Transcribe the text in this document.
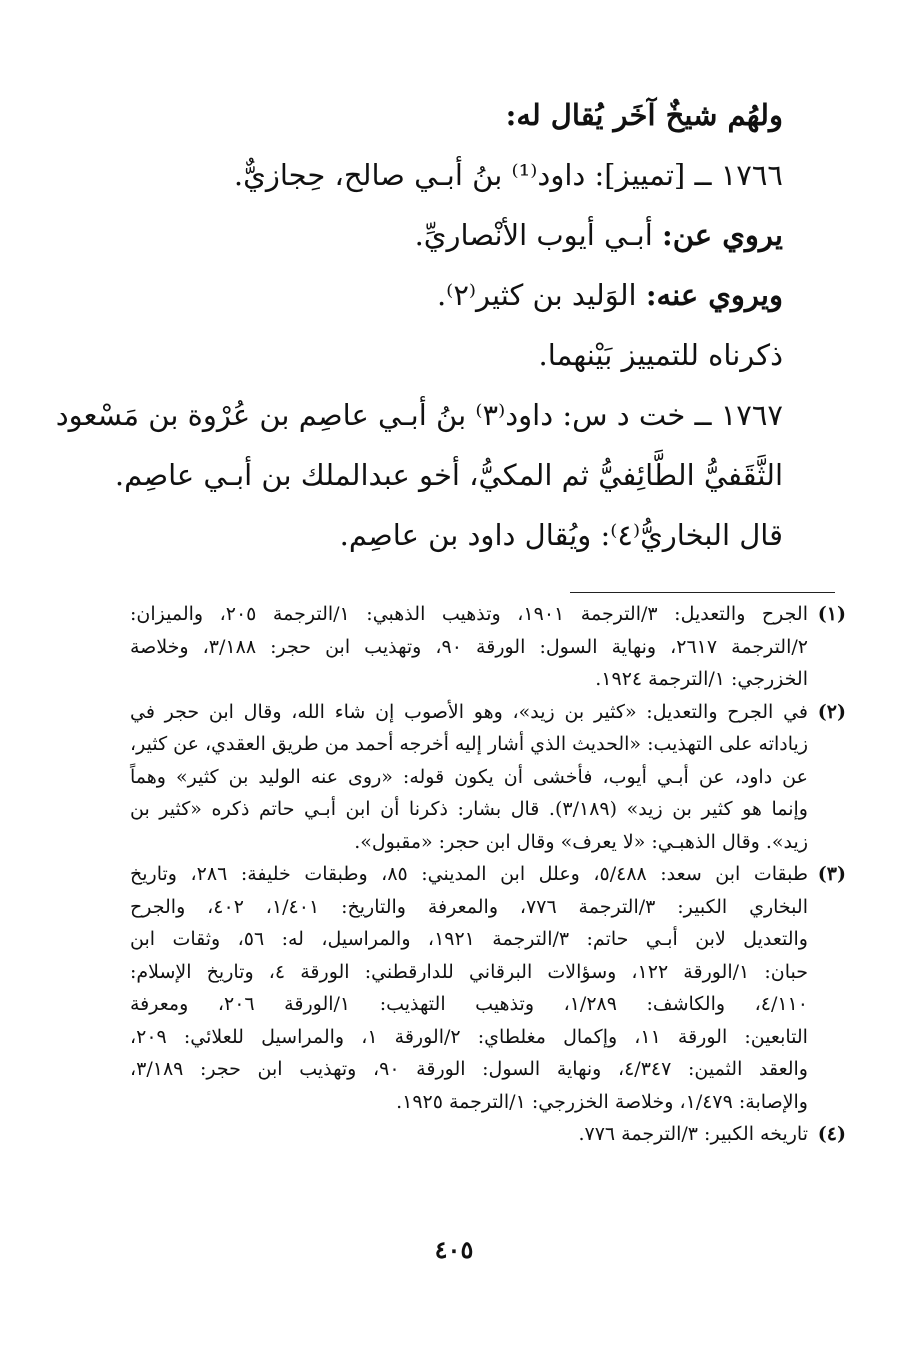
ولهُم شيخٌ آخَر يُقال له:
١٧٦٦ ــ [تمييز]: داود⁽¹⁾ بنُ أبـي صالح، حِجازيٌّ.
يروي عن: أبـي أيوب الأنْصاريِّ.
ويروي عنه: الوَليد بن كثير⁽٢⁾.
ذكرناه للتمييز بَيْنهما.
١٧٦٧ ــ خت د س: داود⁽٣⁾ بنُ أبـي عاصِم بن عُرْوة بن مَسْعود
الثَّقَفيُّ الطَّائِفيُّ ثم المكيُّ، أخو عبدالملك بن أبـي عاصِم.
قال البخاريُّ⁽٤⁾: ويُقال داود بن عاصِم.
(١)
الجرح والتعديل: ٣/الترجمة ١٩٠١، وتذهيب الذهبي: ١/الترجمة ٢٠٥، والميزان:
٢/الترجمة ٢٦١٧، ونهاية السول: الورقة ٩٠، وتهذيب ابن حجر: ٣/١٨٨، وخلاصة
الخزرجي: ١/الترجمة ١٩٢٤.
(٢)
في الجرح والتعديل: «كثير بن زيد»، وهو الأصوب إن شاء الله، وقال ابن حجر في
زياداته على التهذيب: «الحديث الذي أشار إليه أخرجه أحمد من طريق العقدي، عن كثير،
عن داود، عن أبـي أيوب، فأخشى أن يكون قوله: «روى عنه الوليد بن كثير» وهماً
وإنما هو كثير بن زيد» (٣/١٨٩). قال بشار: ذكرنا أن ابن أبـي حاتم ذكره «كثير بن
زيد». وقال الذهبـي: «لا يعرف» وقال ابن حجر: «مقبول».
(٣)
طبقات ابن سعد: ٥/٤٨٨، وعلل ابن المديني: ٨٥، وطبقات خليفة: ٢٨٦، وتاريخ
البخاري الكبير: ٣/الترجمة ٧٧٦، والمعرفة والتاريخ: ١/٤٠١، ٤٠٢، والجرح
والتعديل لابن أبـي حاتم: ٣/الترجمة ١٩٢١، والمراسيل، له: ٥٦، وثقات ابن
حبان: ١/الورقة ١٢٢، وسؤالات البرقاني للدارقطني: الورقة ٤، وتاريخ الإسلام:
٤/١١٠، والكاشف: ١/٢٨٩، وتذهيب التهذيب: ١/الورقة ٢٠٦، ومعرفة
التابعين: الورقة ١١، وإكمال مغلطاي: ٢/الورقة ١، والمراسيل للعلائي: ٢٠٩،
والعقد الثمين: ٤/٣٤٧، ونهاية السول: الورقة ٩٠، وتهذيب ابن حجر: ٣/١٨٩،
والإصابة: ١/٤٧٩، وخلاصة الخزرجي: ١/الترجمة ١٩٢٥.
(٤)
تاريخه الكبير: ٣/الترجمة ٧٧٦.
٤٠٥
